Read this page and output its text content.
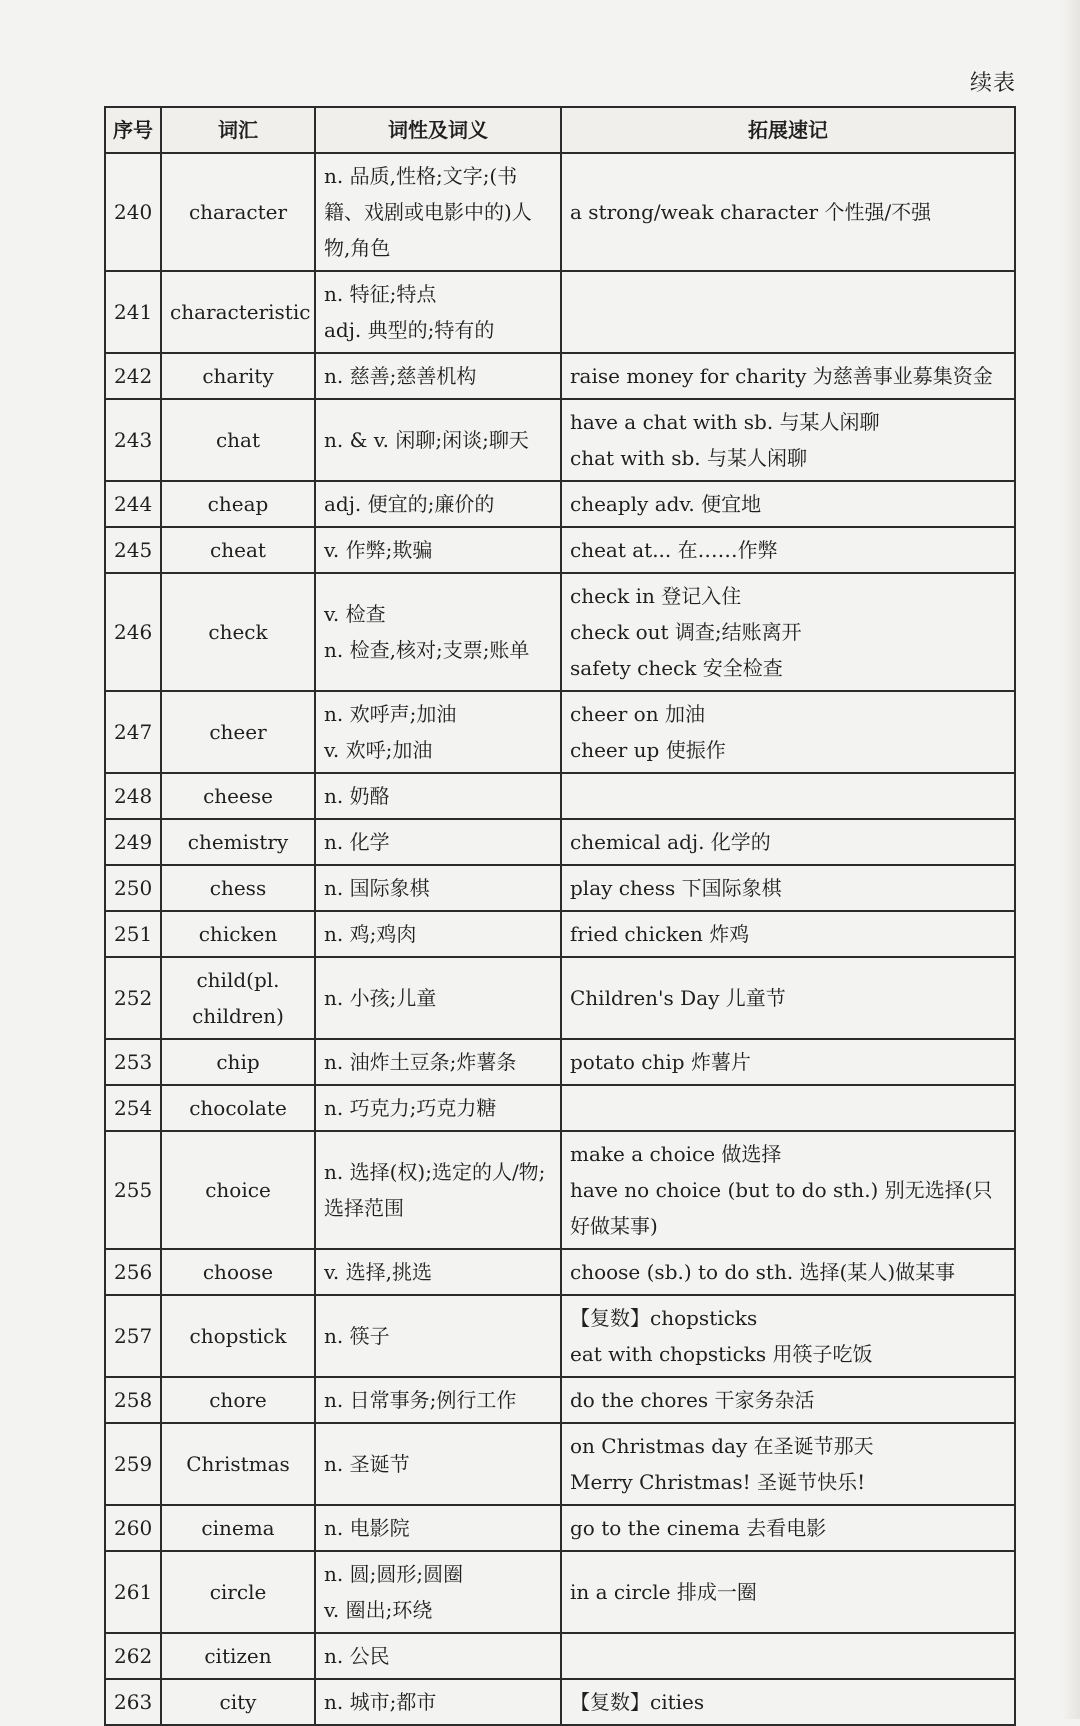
续表
序号	词汇	词性及词义	拓展速记
240	character	n. 品质,性格;文字;(书籍、戏剧或电影中的)人物,角色	a strong/weak character 个性强/不强

241	characteristic	n. 特征;特点
adj. 典型的;特有的	

242	charity	n. 慈善;慈善机构	raise money for charity 为慈善事业募集资金

243	chat	n. & v. 闲聊;闲谈;聊天	have a chat with sb. 与某人闲聊
chat with sb. 与某人闲聊

244	cheap	adj. 便宜的;廉价的	cheaply adv. 便宜地

245	cheat	v. 作弊;欺骗	cheat at... 在……作弊

246	check	v. 检查
n. 检查,核对;支票;账单	check in 登记入住
check out 调查;结账离开
safety check 安全检查

247	cheer	n. 欢呼声;加油
v. 欢呼;加油	cheer on 加油
cheer up 使振作

248	cheese	n. 奶酪	

249	chemistry	n. 化学	chemical adj. 化学的

250	chess	n. 国际象棋	play chess 下国际象棋

251	chicken	n. 鸡;鸡肉	fried chicken 炸鸡

252	child(pl. children)	n. 小孩;儿童	Children's Day 儿童节

253	chip	n. 油炸土豆条;炸薯条	potato chip 炸薯片

254	chocolate	n. 巧克力;巧克力糖	

255	choice	n. 选择(权);选定的人/物;选择范围	make a choice 做选择
have no choice (but to do sth.) 别无选择(只好做某事)

256	choose	v. 选择,挑选	choose (sb.) to do sth. 选择(某人)做某事

257	chopstick	n. 筷子	【复数】chopsticks
eat with chopsticks 用筷子吃饭

258	chore	n. 日常事务;例行工作	do the chores 干家务杂活

259	Christmas	n. 圣诞节	on Christmas day 在圣诞节那天
Merry Christmas! 圣诞节快乐!

260	cinema	n. 电影院	go to the cinema 去看电影

261	circle	n. 圆;圆形;圆圈
v. 圈出;环绕	in a circle 排成一圈

262	citizen	n. 公民	

263	city	n. 城市;都市	【复数】cities
